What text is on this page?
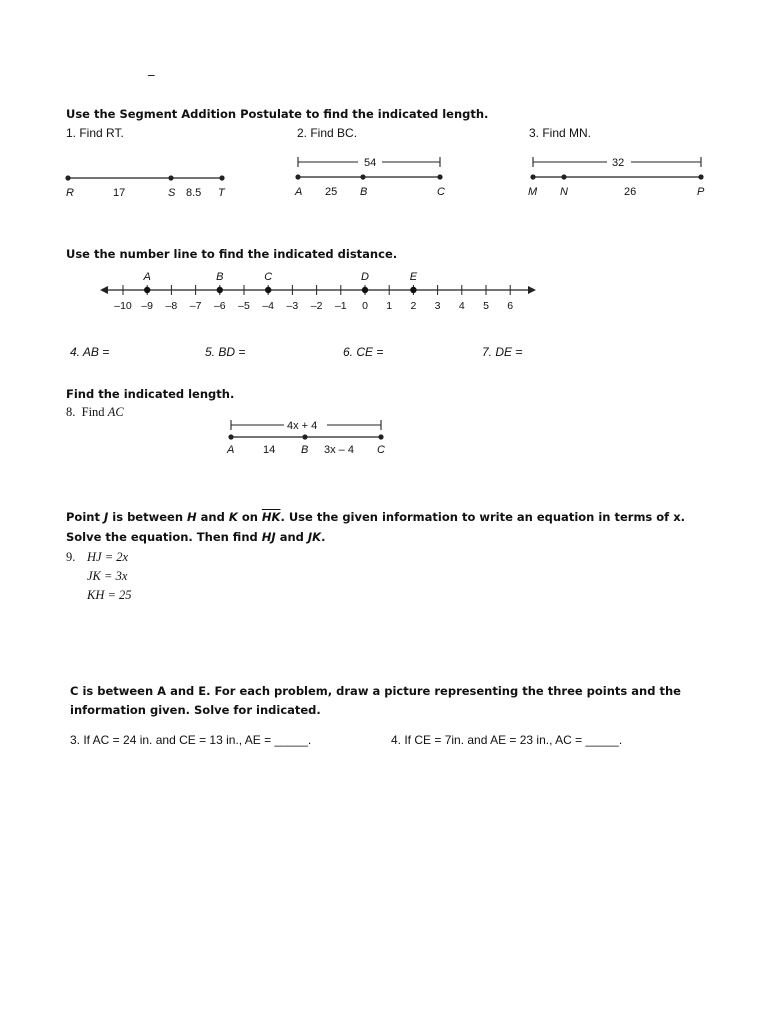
_
Use the Segment Addition Postulate to find the indicated length.
1. Find RT.	2. Find BC.	3. Find MN.
R	S	T
17	8.5
54
A	B	C
25
32
M N	P
26
Use the number line to find the indicated distance.
–10 –9 –8 –7 –6 –5 –4 –3 –2 –1 0 1 2 3 4 5 6
A	B	C	D	E
4. AB =	5. BD =	6. CE =	7. DE =
Find the indicated length.
8. Find AC
4x + 4
A	B	C
14	3x – 4
Point J is between H and K on $\overline{HK}$. Use the given information to write an equation in terms of x.
Solve the equation. Then find HJ and JK.
9. HJ = 2x
JK = 3x
KH = 25
C is between A and E. For each problem, draw a picture representing the three points and the
information given. Solve for indicated.
3. If AC = 24 in. and CE = 13 in., AE = _____.	4. If CE = 7in. and AE = 23 in., AC = _____.
